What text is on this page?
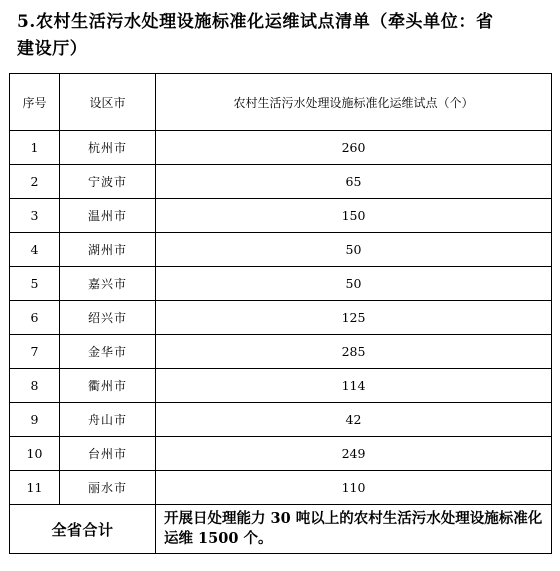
5.农村生活污水处理设施标准化运维试点清单（牵头单位：省
建设厅）
序号	设区市	农村生活污水处理设施标准化运维试点（个）
1	杭州市	260
2	宁波市	65
3	温州市	150
4	湖州市	50
5	嘉兴市	50
6	绍兴市	125
7	金华市	285
8	衢州市	114
9	舟山市	42
10	台州市	249
11	丽水市	110
全省合计		开展日处理能力 30 吨以上的农村生活污水处理设施标准化运维 1500 个。
